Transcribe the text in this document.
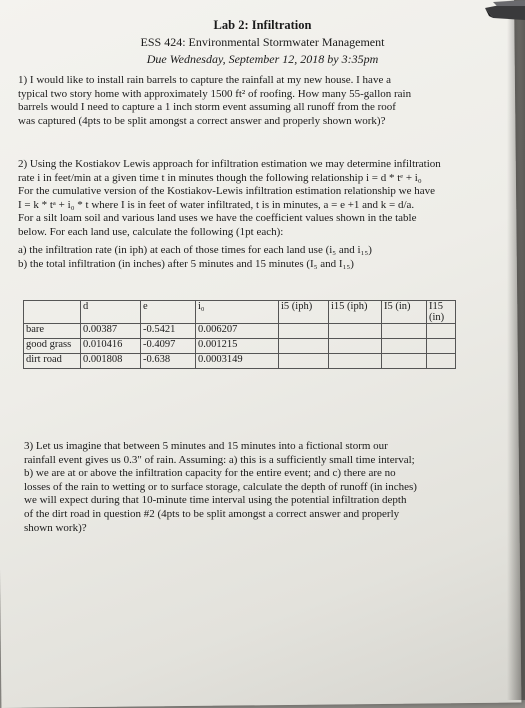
Lab 2: Infiltration

ESS 424: Environmental Stormwater Management

Due Wednesday, September 12, 2018 by 3:35pm

1) I would like to install rain barrels to capture the rainfall at my new house. I have a
typical two story home with approximately 1500 ft² of roofing. How many 55-gallon rain
barrels would I need to capture a 1 inch storm event assuming all runoff from the roof
was captured (4pts to be split amongst a correct answer and properly shown work)?
2) Using the Kostiakov Lewis approach for infiltration estimation we may determine infiltration
rate i in feet/min at a given time t in minutes though the following relationship i = d * tᵉ + i₀
For the cumulative version of the Kostiakov-Lewis infiltration estimation relationship we have
I = k * tᵃ + i₀ * t where I is in feet of water infiltrated, t is in minutes, a = e +1 and k = d/a.
For a silt loam soil and various land uses we have the coefficient values shown in the table
below. For each land use, calculate the following (1pt each):
a) the infiltration rate (in iph) at each of those times for each land use (i₅ and i₁₅)
b) the total infiltration (in inches) after 5 minutes and 15 minutes (I₅ and I₁₅)
	d	e	i₀	i5 (iph)	i15 (iph)	I5 (in)	I15 (in)
bare	0.00387	-0.5421	0.006207				
good grass	0.010416	-0.4097	0.001215				
dirt road	0.001808	-0.638	0.0003149				
3) Let us imagine that between 5 minutes and 15 minutes into a fictional storm our
rainfall event gives us 0.3" of rain. Assuming: a) this is a sufficiently small time interval;
b) we are at or above the infiltration capacity for the entire event; and c) there are no
losses of the rain to wetting or to surface storage, calculate the depth of runoff (in inches)
we will expect during that 10-minute time interval using the potential infiltration depth
of the dirt road in question #2 (4pts to be split amongst a correct answer and properly
shown work)?
